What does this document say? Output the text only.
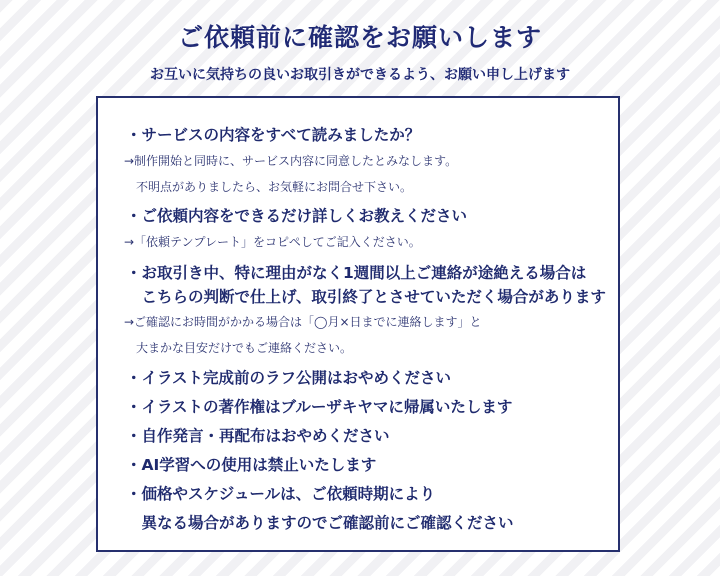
ご依頼前に確認をお願いします
お互いに気持ちの良いお取引きができるよう、お願い申し上げます
・サービスの内容をすべて読みましたか？
→制作開始と同時に、サービス内容に同意したとみなします。
　不明点がありましたら、お気軽にお問合せ下さい。
・ご依頼内容をできるだけ詳しくお教えください
→「依頼テンプレート」をコピペしてご記入ください。
・お取引き中、特に理由がなく1週間以上ご連絡が途絶える場合は
　こちらの判断で仕上げ、取引終了とさせていただく場合があります
→ご確認にお時間がかかる場合は「◯月×日までに連絡します」と
　大まかな目安だけでもご連絡ください。
・イラスト完成前のラフ公開はおやめください
・イラストの著作権はブルーザキヤマに帰属いたします
・自作発言・再配布はおやめください
・AI学習への使用は禁止いたします
・価格やスケジュールは、ご依頼時期により
　異なる場合がありますのでご確認前にご確認ください
